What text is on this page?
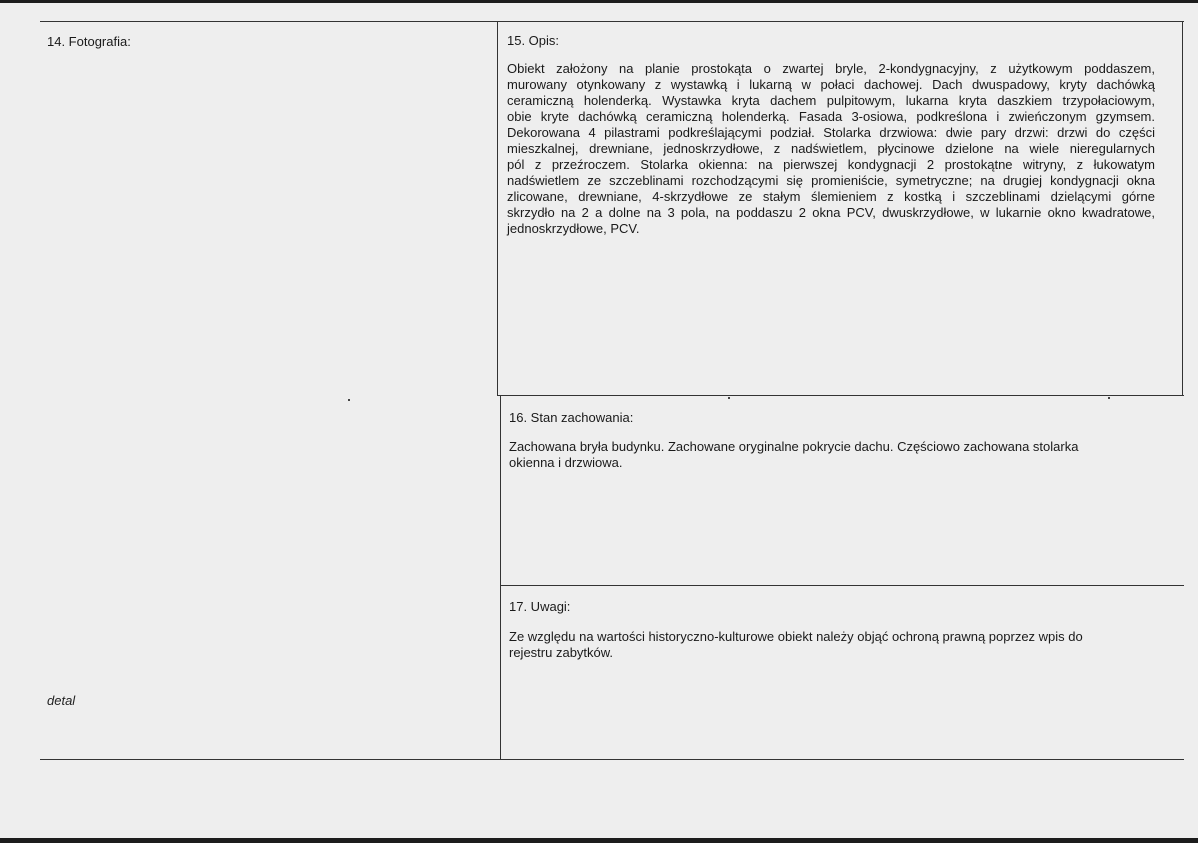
14. Fotografia:
detal
15. Opis:
Obiekt założony na planie prostokąta o zwartej bryle, 2-kondygnacyjny, z użytkowym poddaszem,
murowany otynkowany z wystawką i lukarną w połaci dachowej. Dach dwuspadowy, kryty dachówką
ceramiczną holenderką. Wystawka kryta dachem pulpitowym, lukarna kryta daszkiem trzypołaciowym,
obie kryte dachówką ceramiczną holenderką. Fasada 3-osiowa, podkreślona i zwieńczonym gzymsem.
Dekorowana 4 pilastrami podkreślającymi podział. Stolarka drzwiowa: dwie pary drzwi: drzwi do części
mieszkalnej, drewniane, jednoskrzydłowe, z nadświetlem, płycinowe dzielone na wiele nieregularnych
pól z przeźroczem. Stolarka okienna: na pierwszej kondygnacji 2 prostokątne witryny, z łukowatym
nadświetlem ze szczeblinami rozchodzącymi się promieniście, symetryczne; na drugiej kondygnacji okna
zlicowane, drewniane, 4-skrzydłowe ze stałym ślemieniem z kostką i szczeblinami dzielącymi górne
skrzydło na 2 a dolne na 3 pola, na poddaszu 2 okna PCV, dwuskrzydłowe, w lukarnie okno kwadratowe,
jednoskrzydłowe, PCV.
16. Stan zachowania:
Zachowana bryła budynku. Zachowane oryginalne pokrycie dachu. Częściowo zachowana stolarka
okienna i drzwiowa.
17. Uwagi:
Ze względu na wartości historyczno-kulturowe obiekt należy objąć ochroną prawną poprzez wpis do
rejestru zabytków.
